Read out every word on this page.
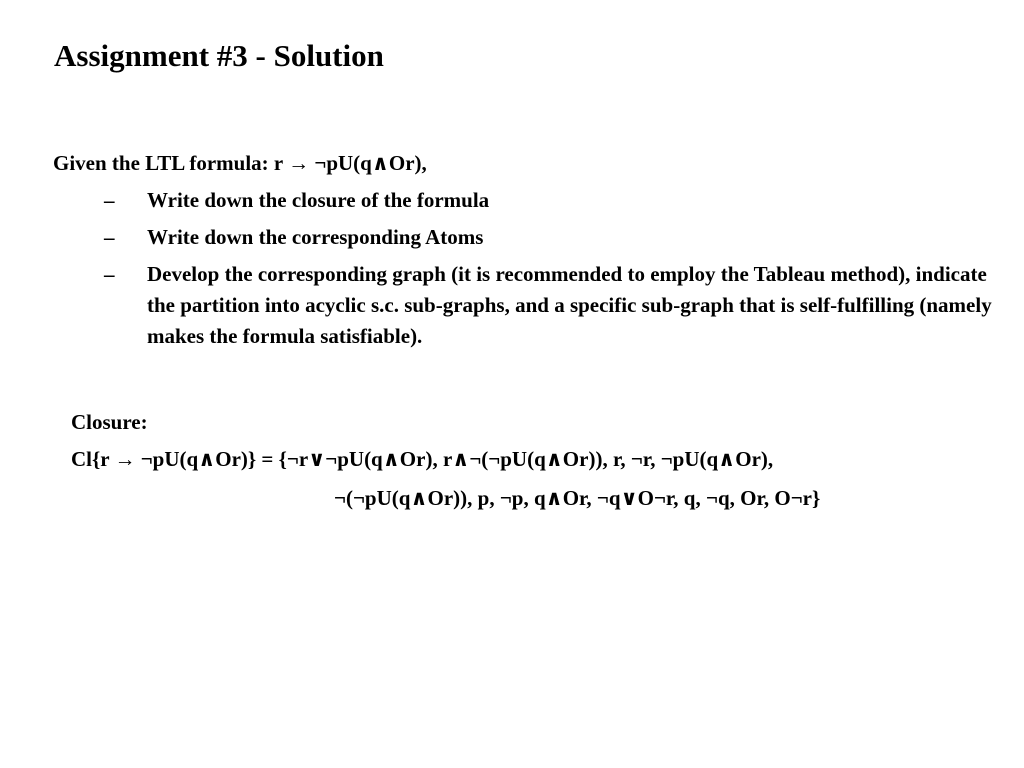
Assignment #3 - Solution
Given the LTL formula: r → ¬pU(q∧Or),
–	Write down the closure of the formula
–	Write down the corresponding Atoms
–	Develop the corresponding graph (it is recommended to employ the Tableau method), indicate the partition into acyclic s.c. sub-graphs, and a specific sub-graph that is self-fulfilling (namely makes the formula satisfiable).
Closure:
Cl{r → ¬pU(q∧Or)} = {¬r∨¬pU(q∧Or), r∧¬(¬pU(q∧Or)), r, ¬r, ¬pU(q∧Or),
¬(¬pU(q∧Or)), p, ¬p, q∧Or, ¬q∨O¬r, q, ¬q, Or, O¬r}
